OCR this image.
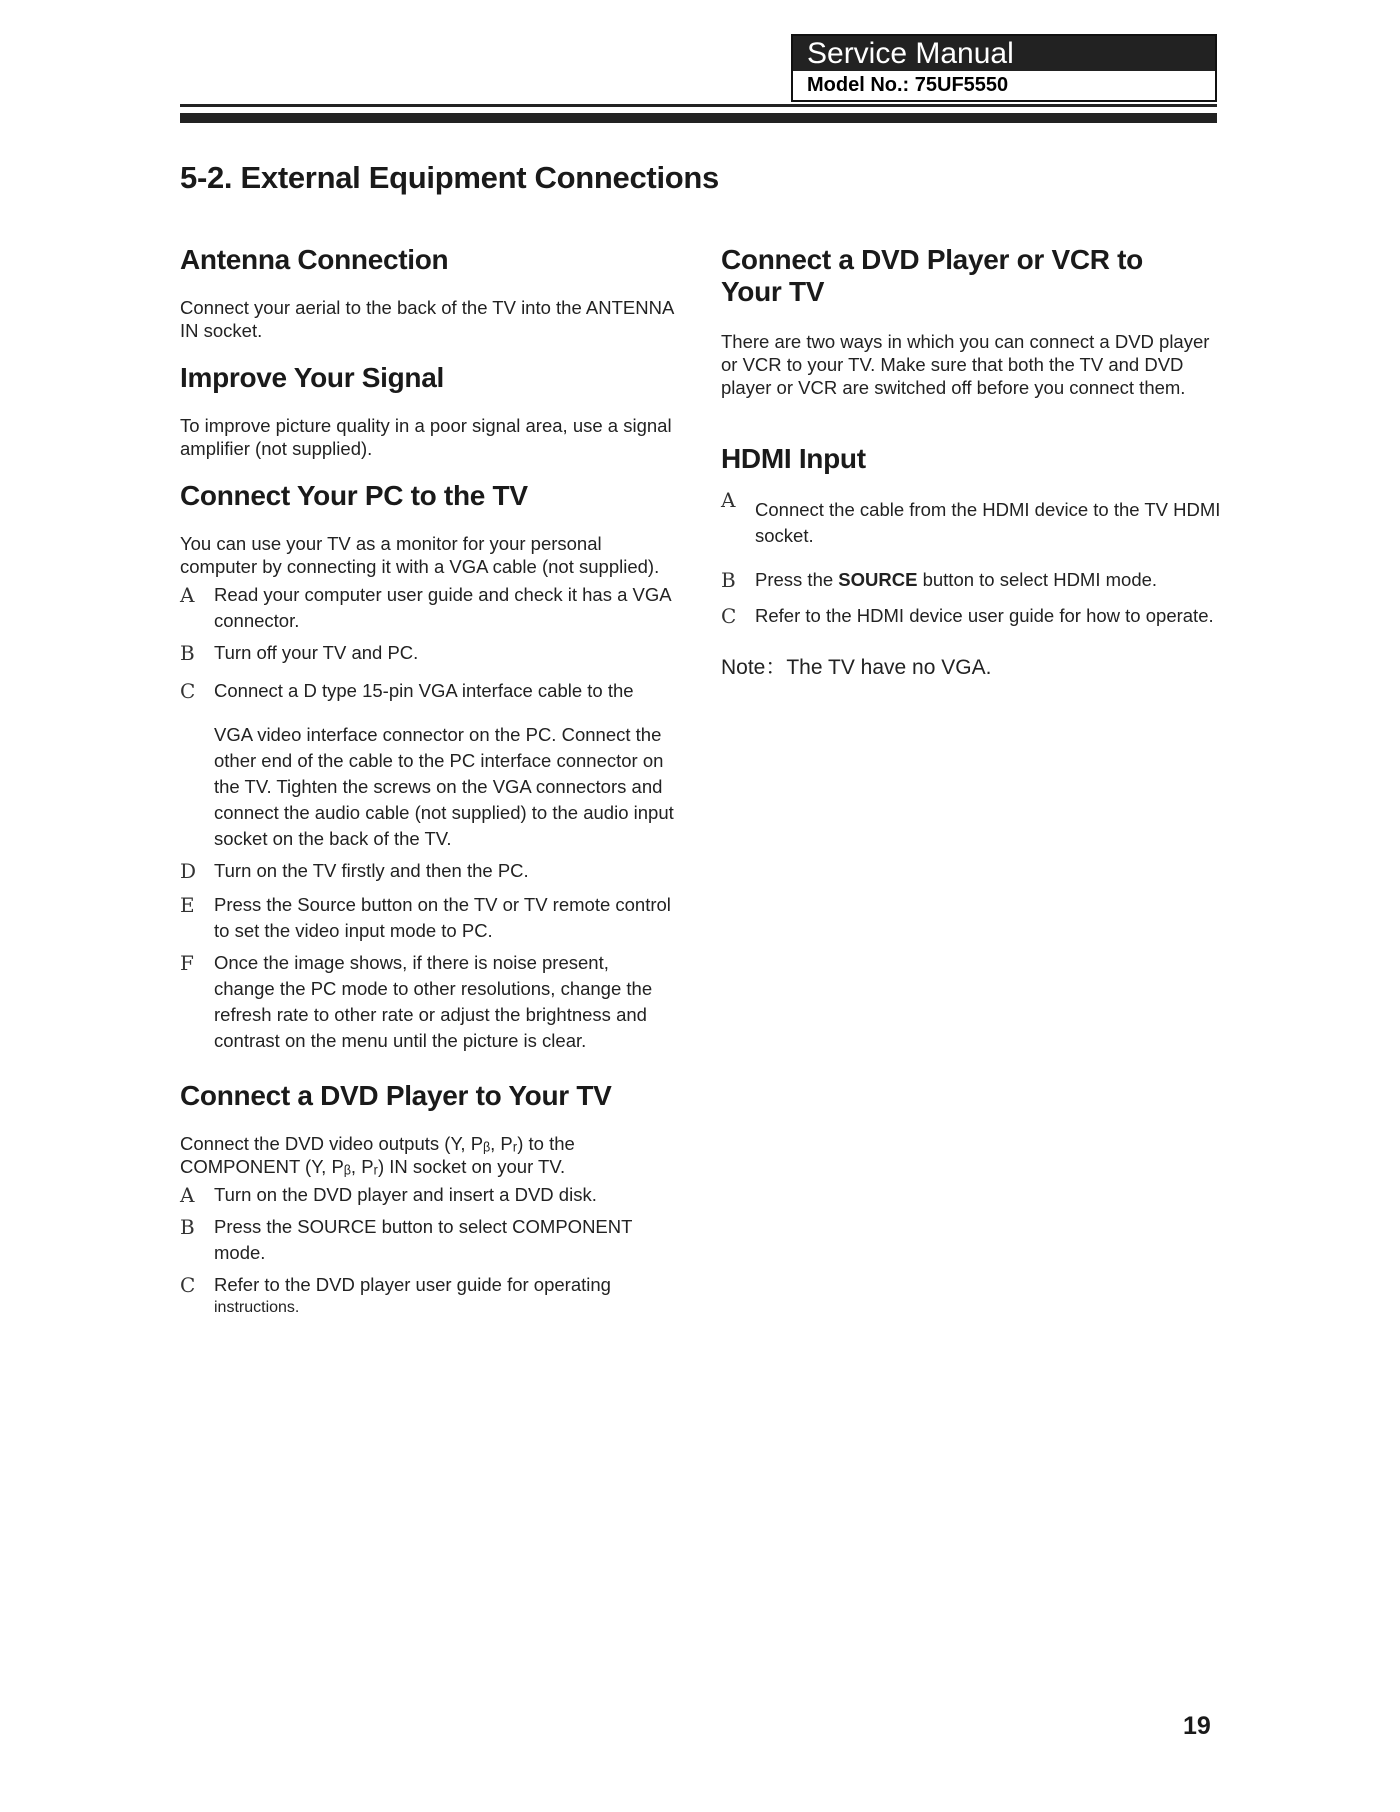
Service Manual
Model No.: 75UF5550
5-2. External Equipment Connections
Antenna Connection

Connect your aerial to the back of the TV into the ANTENNA IN socket.

Improve Your Signal

To improve picture quality in a poor signal area, use a signal amplifier (not supplied).

Connect Your PC to the TV

You can use your TV as a monitor for your personal computer by connecting it with a VGA cable (not supplied).

A	Read your computer user guide and check it has a VGA connector.
B	Turn off your TV and PC.
C	Connect a D type 15-pin VGA interface cable to the
VGA video interface connector on the PC. Connect the other end of the cable to the PC interface connector on the TV. Tighten the screws on the VGA connectors and connect the audio cable (not supplied) to the audio input socket on the back of the TV.
D Turn on the TV firstly and then the PC.
E	Press the Source button on the TV or TV remote control to set the video input mode to PC.
F	Once the image shows, if there is noise present,
change the PC mode to other resolutions, change the refresh rate to other rate or adjust the brightness and contrast on the menu until the picture is clear.
Connect a DVD Player to Your TV

Connect the DVD video outputs (Y, Pᵦ, Pᵣ) to the

COMPONENT (Y, Pᵦ, Pᵣ) IN socket on your TV.

A	Turn on the DVD player and insert a DVD disk.
B	Press the SOURCE button to select COMPONENT mode.
C	Refer to the DVD player user guide for operating
instructions.
Connect a DVD Player or VCR to Your TV

There are two ways in which you can connect a DVD player or VCR to your TV. Make sure that both the TV and DVD player or VCR are switched off before you connect them.

HDMI Input
A	Connect the cable from the HDMI device to the TV HDMI socket.
B	Press the SOURCE button to select HDMI mode.
C	Refer to the HDMI device user guide for how to operate.

Note：The TV have no VGA.

19
